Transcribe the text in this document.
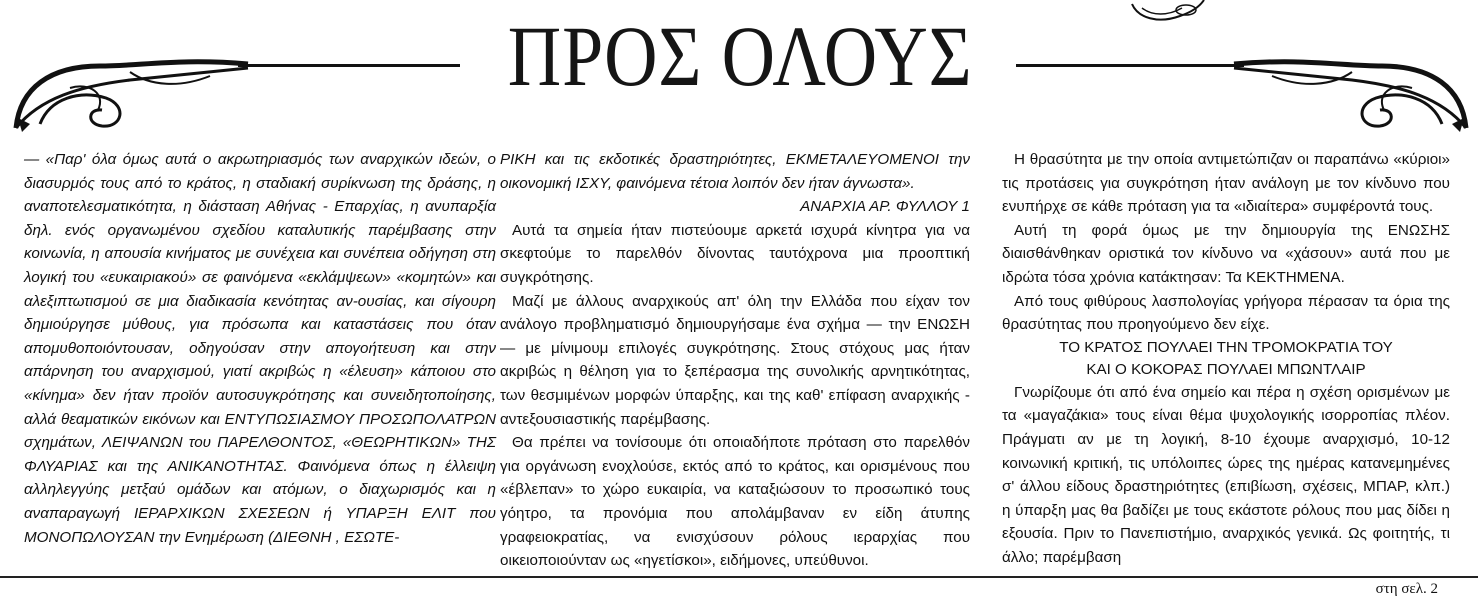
ΠΡΟΣ ΟΛΟΥΣ

— «Παρ' όλα όμως αυτά ο ακρωτηριασμός των αναρχικών ιδεών, ο διασυρμός τους από το κράτος, η σταδιακή συρίκνωση της δράσης, η αναποτελεσματικότητα, η διάσταση Αθήνας - Επαρχίας, η ανυπαρξία δηλ. ενός οργανωμένου σχεδίου καταλυτικής παρέμβασης στην κοινωνία, η απουσία κινήματος με συνέχεια και συνέπεια οδήγηση στη λογική του «ευκαιριακού» σε φαινόμενα «εκλάμψεων» «κομητών» και αλεξιπτωτισμού σε μια διαδικασία κενότητας αν-ουσίας, και σίγουρη δημιούργησε μύθους, για πρόσωπα και καταστάσεις που όταν απομυθοποιόντουσαν, οδηγούσαν στην απογοήτευση και στην απάρνηση του αναρχισμού, γιατί ακριβώς η «έλευση» κάποιου στο «κίνημα» δεν ήταν προϊόν αυτοσυγκρότησης και συνειδητοποίησης, αλλά θεαματικών εικόνων και ΕΝΤΥΠΩΣΙΑΣΜΟΥ ΠΡΟΣΩΠΟΛΑΤΡΩΝ σχημάτων, ΛΕΙΨΑΝΩΝ του ΠΑΡΕΛΘΟΝΤΟΣ, «ΘΕΩΡΗΤΙΚΩΝ» ΤΗΣ ΦΛΥΑΡΙΑΣ και της ΑΝΙΚΑΝΟΤΗΤΑΣ. Φαινόμενα όπως η έλλειψη αλληλεγγύης μετξαύ ομάδων και ατόμων, ο διαχωρισμός και η αναπαραγωγή ΙΕΡΑΡΧΙΚΩΝ ΣΧΕΣΕΩΝ ή ΥΠΑΡΞΗ ΕΛΙΤ που ΜΟΝΟΠΩΛΟΥΣΑΝ την Ενημέρωση (ΔΙΕΘΝΗ , ΕΣΩΤΕ-

ΡΙΚΗ και τις εκδοτικές δραστηριότητες, ΕΚΜΕΤΑΛΕΥΟΜΕΝΟΙ την οικονομική ΙΣΧΥ, φαινόμενα τέτοια λοιπόν δεν ήταν άγνωστα».

ΑΝΑΡΧΙΑ ΑΡ. ΦΥΛΛΟΥ 1

Αυτά τα σημεία ήταν πιστεύουμε αρκετά ισχυρά κίνητρα για να σκεφτούμε το παρελθόν δίνοντας ταυτόχρονα μια προοπτική συγκρότησης.

Μαζί με άλλους αναρχικούς απ' όλη την Ελλάδα που είχαν τον ανάλογο προβληματισμό δημιουργήσαμε ένα σχήμα — την ΕΝΩΣΗ — με μίνιμουμ επιλογές συγκρότησης. Στους στόχους μας ήταν ακριβώς η θέληση για το ξεπέρασμα της συνολικής αρνητικότητας, των θεσμιμένων μορφών ύπαρξης, και της καθ' επίφαση αναρχικής - αντεξουσιαστικής παρέμβασης.

Θα πρέπει να τονίσουμε ότι οποιαδήποτε πρόταση στο παρελθόν για οργάνωση ενοχλούσε, εκτός από το κράτος, και ορισμένους που «έβλεπαν» το χώρο ευκαιρία, να καταξιώσουν το προσωπικό τους γόητρο, τα προνόμια που απολάμβαναν εν είδη άτυπης γραφειοκρατίας, να ενισχύσουν ρόλους ιεραρχίας που οικειοποιούνταν ως «ηγετίσκοι», ειδήμονες, υπεύθυνοι.

Η θρασύτητα με την οποία αντιμετώπιζαν οι παραπάνω «κύριοι» τις προτάσεις για συγκρότηση ήταν ανάλογη με τον κίνδυνο που ενυπήρχε σε κάθε πρόταση για τα «ιδιαίτερα» συμφέροντά τους.

Αυτή τη φορά όμως με την δημιουργία της ΕΝΩΣΗΣ διαισθάνθηκαν οριστικά τον κίνδυνο να «χάσουν» αυτά που με ιδρώτα τόσα χρόνια κατάκτησαν: Τα ΚΕΚΤΗΜΕΝΑ.

Από τους φιθύρους λασπολογίας γρήγορα πέρασαν τα όρια της θρασύτητας που προηγούμενο δεν είχε.

ΤΟ ΚΡΑΤΟΣ ΠΟΥΛΑΕΙ ΤΗΝ ΤΡΟΜΟΚΡΑΤΙΑ ΤΟΥ
ΚΑΙ Ο ΚΟΚΟΡΑΣ ΠΟΥΛΑΕΙ ΜΠΩΝΤΛΑΙΡ

Γνωρίζουμε ότι από ένα σημείο και πέρα η σχέση ορισμένων με τα «μαγαζάκια» τους είναι θέμα ψυχολογικής ισορροπίας πλέον. Πράγματι αν με τη λογική, 8-10 έχουμε αναρχισμό, 10-12 κοινωνική κριτική, τις υπόλοιπες ώρες της ημέρας κατανεμημένες σ' άλλου είδους δραστηριότητες (επιβίωση, σχέσεις, ΜΠΑΡ, κλπ.) η ύπαρξη μας θα βαδίζει με τους εκάστοτε ρόλους που μας δίδει η εξουσία. Πριν το Πανεπιστήμιο, αναρχικός γενικά. Ως φοιτητής, τι άλλο; παρέμβαση

στη σελ. 2
